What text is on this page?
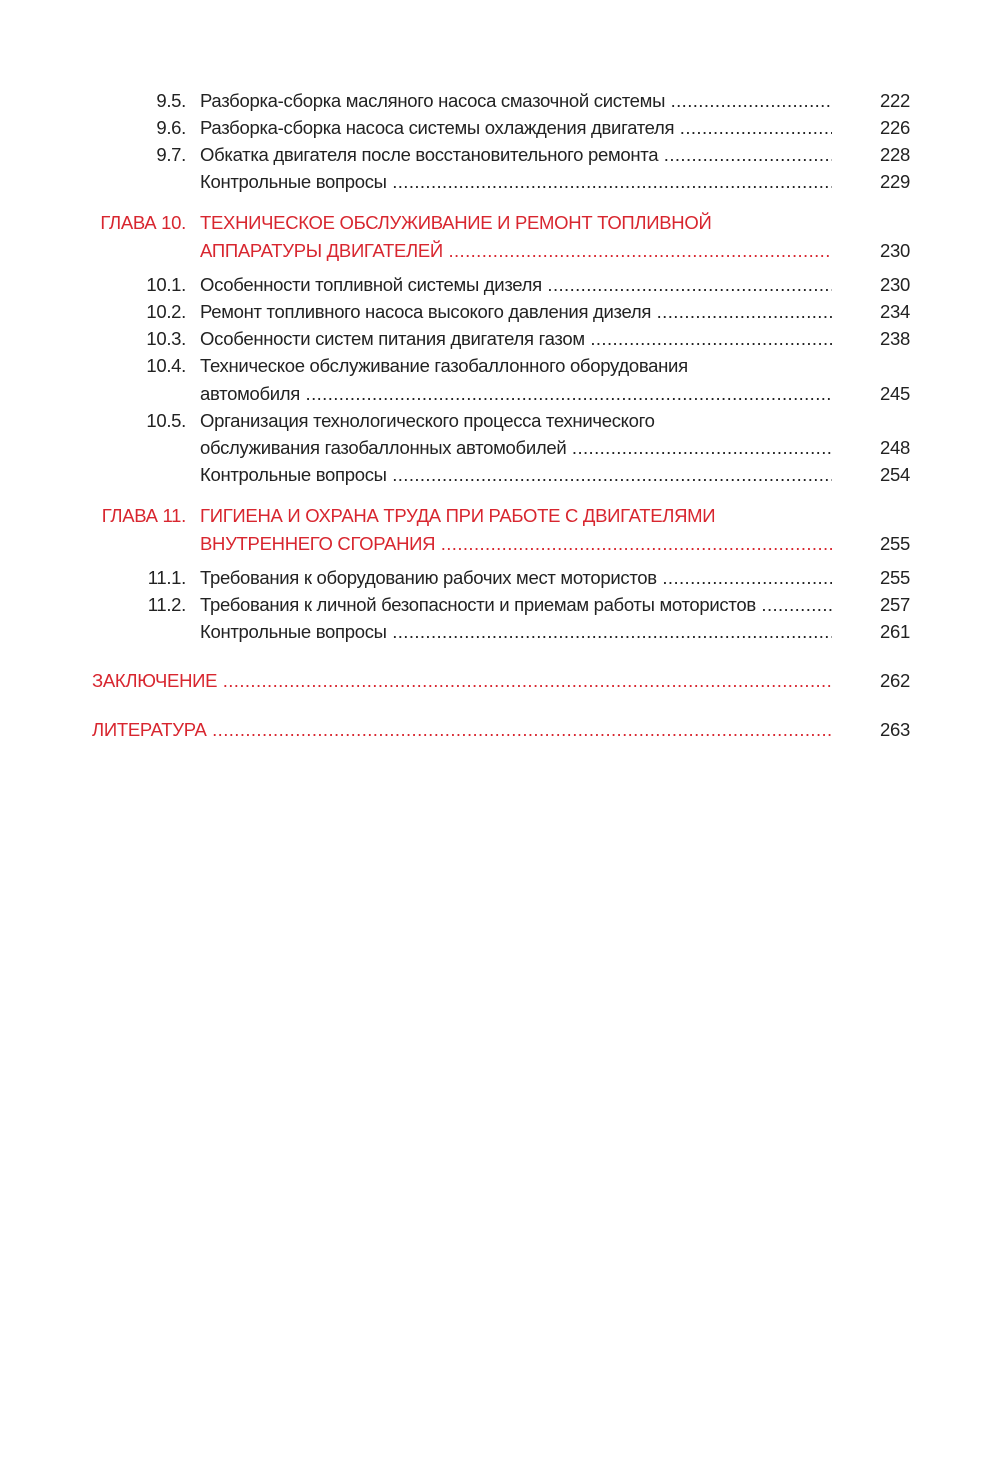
9.5. Разборка-сборка масляного насоса смазочной системы .....	222
9.6. Разборка-сборка насоса системы охлаждения двигателя .....	226
9.7. Обкатка двигателя после восстановительного ремонта .....	228
Контрольные вопросы .....	229
ГЛАВА 10. ТЕХНИЧЕСКОЕ ОБСЛУЖИВАНИЕ И РЕМОНТ ТОПЛИВНОЙ
АППАРАТУРЫ ДВИГАТЕЛЕЙ .....	230
10.1. Особенности топливной системы дизеля .....	230
10.2. Ремонт топливного насоса высокого давления дизеля .....	234
10.3. Особенности систем питания двигателя газом .....	238
10.4. Техническое обслуживание газобаллонного оборудования
автомобиля .....	245
10.5. Организация технологического процесса технического
обслуживания газобаллонных автомобилей .....	248
Контрольные вопросы .....	254
ГЛАВА 11. ГИГИЕНА И ОХРАНА ТРУДА ПРИ РАБОТЕ С ДВИГАТЕЛЯМИ
ВНУТРЕННЕГО СГОРАНИЯ .....	255
11.1. Требования к оборудованию рабочих мест мотористов .....	255
11.2. Требования к личной безопасности и приемам работы мотористов .....	257
Контрольные вопросы .....	261
ЗАКЛЮЧЕНИЕ .....	262
ЛИТЕРАТУРА .....	263
